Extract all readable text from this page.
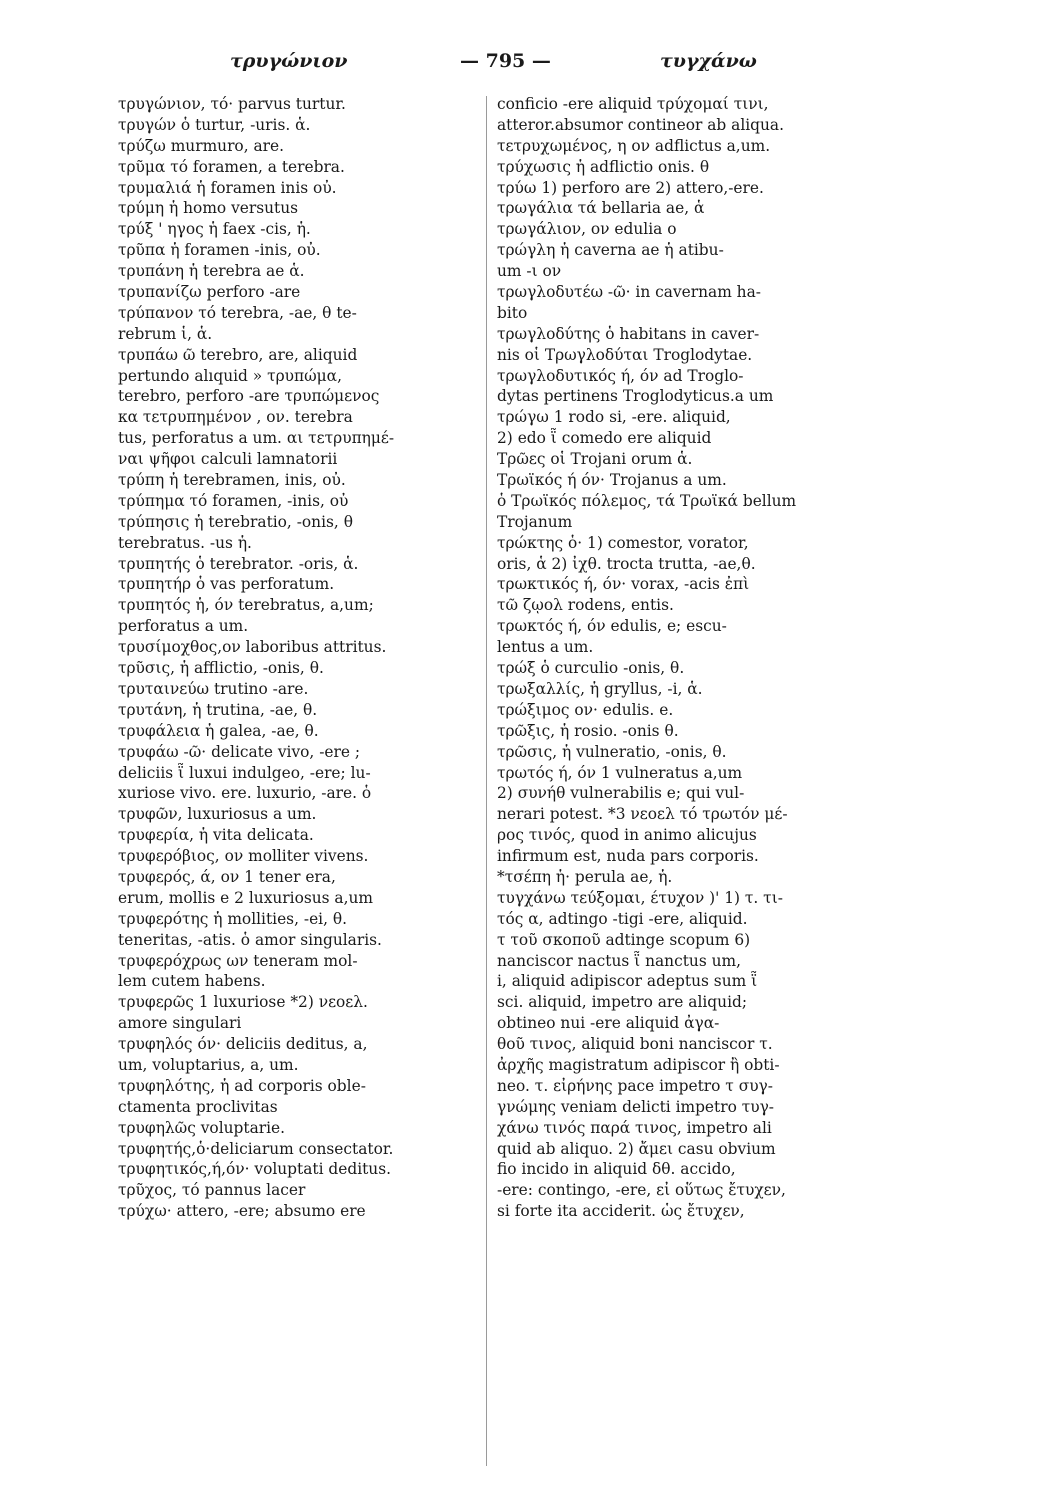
τρυγώνιον	— 795 —	τυγχάνω
τρυγώνιον, τό· parvus turtur.
τρυγών ὁ turtur, -uris. ἁ.
τρύζω murmuro, are.
τρῦμα τό foramen, a terebra.
τρυμαλιά ἡ foramen inis οὐ.
τρύμη ἡ homo versutus
τρύξ ' ηγος ἡ faex -cis, ἡ.
τρῦπα ἡ foramen -inis, οὐ.
τρυπάνη ἡ terebra ae ἁ.
τρυπανίζω perforo -are
τρύπανον τό terebra, -ae, θ te-
rebrum ἱ, ἁ.
τρυπάω ῶ terebro, are, aliquid
pertundo alıquid » τρυπώμα,
terebro, perforo -are τρυπώμενος
κα τετρυπημένον , ον. terebra
tus, perforatus a um. αι τετρυπημέ-
ναι ψῆφοι calculi lamnatorii
τρύπη ἡ terebramen, inis, οὐ.
τρύπημα τό foramen, -inis, οὐ
τρύπησις ἡ terebratio, -onis, θ
terebratus. -us ἡ.
τρυπητής ὁ terebrator. -oris, ἁ.
τρυπητήρ ὁ vas perforatum.
τρυπητός ἡ, όν terebratus, a,um;
perforatus a um.
τρυσίμοχθος,ον laboribus attritus.
τρῦσις, ἡ afflictio, -onis, θ.
τρυταινεύω trutino -are.
τρυτάνη, ἡ trutina, -ae, θ.
τρυφάλεια ἡ galea, -ae, θ.
τρυφάω -ῶ· delicate vivo, -ere ;
deliciis ῗ luxui indulgeo, -ere; lu-
xuriose vivo. ere. luxurio, -are. ὁ
τρυφῶν, luxuriosus a um.
τρυφερία, ἡ vita delicata.
τρυφερόβιος, ον molliter vivens.
τρυφερός, ά, ον 1 tener era,
erum, mollis e 2 luxuriosus a,um
τρυφερότης ἡ mollities, -ei, θ.
teneritas, -atis. ὁ amor singularis.
τρυφερόχρως ων teneram mol-
lem cutem habens.
τρυφερῶς 1 luxuriose *2) νεοελ.
amore singulari
τρυφηλός όν· deliciis deditus, a,
um, voluptarius, a, um.
τρυφηλότης, ἡ ad corporis oble-
ctamenta proclivitas
τρυφηλῶς voluptarie.
τρυφητής,ὁ·deliciarum consectator.
τρυφητικός,ή,όν· voluptati deditus.
τρῦχος, τό pannus lacer
τρύχω· attero, -ere; absumo ere
conficio -ere aliquid τρύχομαί τινι,
atteror.absumor contineor ab aliqua.
τετρυχωμένος, η ον adflictus a,um.
τρύχωσις ἡ adflictio onis. θ
τρύω 1) perforo are 2) attero,-ere.
τρωγάλια τά bellaria ae, ἁ
τρωγάλιον, ον edulia ο
τρώγλη ἡ caverna ae ἡ atibu-
um -ι ον
τρωγλοδυτέω -ῶ· in cavernam ha-
bito
τρωγλοδύτης ὁ habitans in caver-
nis οἱ Τρωγλοδύται Troglodytae.
τρωγλοδυτικός ή, όν ad Troglo-
dytas pertinens Troglodyticus.a um
τρώγω 1 rodo si, -ere. aliquid,
2) edo ῗ comedo ere aliquid
Τρῶες οἱ Trojani orum ἁ.
Τρωϊκός ή όν· Trojanus a um.
ὁ Τρωϊκός πόλεμος, τά Τρωϊκά bellum
Trojanum
τρώκτης ὁ· 1) comestor, vorator,
oris, ἁ 2) ἰχθ. trocta trutta, -ae,θ.
τρωκτικός ή, όν· vorax, -acis ἐπὶ
τῶ ζῳολ rodens, entis.
τρωκτός ή, όν edulis, e; escu-
lentus a um.
τρώξ ὁ curculio -onis, θ.
τρωξαλλίς, ἡ gryllus, -i, ἁ.
τρώξιμος ον· edulis. e.
τρῶξις, ἡ rosio. -onis θ.
τρῶσις, ἡ vulneratio, -onis, θ.
τρωτός ή, όν 1 vulneratus a,um
2) συνήθ vulnerabilis e; qui vul-
nerari potest. *3 νεοελ τό τρωτόν μέ-
ρος τινός, quod in animo alicujus
infirmum est, nuda pars corporis.
*τσέπη ἡ· perula ae, ἡ.
τυγχάνω τεύξομαι, έτυχον )' 1) τ. τι-
τός α, adtingo -tigi -ere, aliquid.
τ τοῦ σκοποῦ adtinge scopum 6)
nanciscor nactus ῗ nanctus um,
i, aliquid adipiscor adeptus sum ῗ
sci. aliquid, impetro are aliquid;
obtineo nui -ere aliquid ἀγα-
θοῦ τινος, aliquid boni nanciscor τ.
ἀρχῆς magistratum adipiscor ἢ obti-
neo. τ. εἰρήνης pace impetro τ συγ-
γνώμης veniam delicti impetro τυγ-
χάνω τινός παρά τινος, impetro ali
quid ab aliquo. 2) ἄμει casu obvium
fio incido in aliquid δθ. accido,
-ere: contingo, -ere, εἰ οὕτως ἔτυχεν,
si forte ita acciderit. ὡς ἔτυχεν,
